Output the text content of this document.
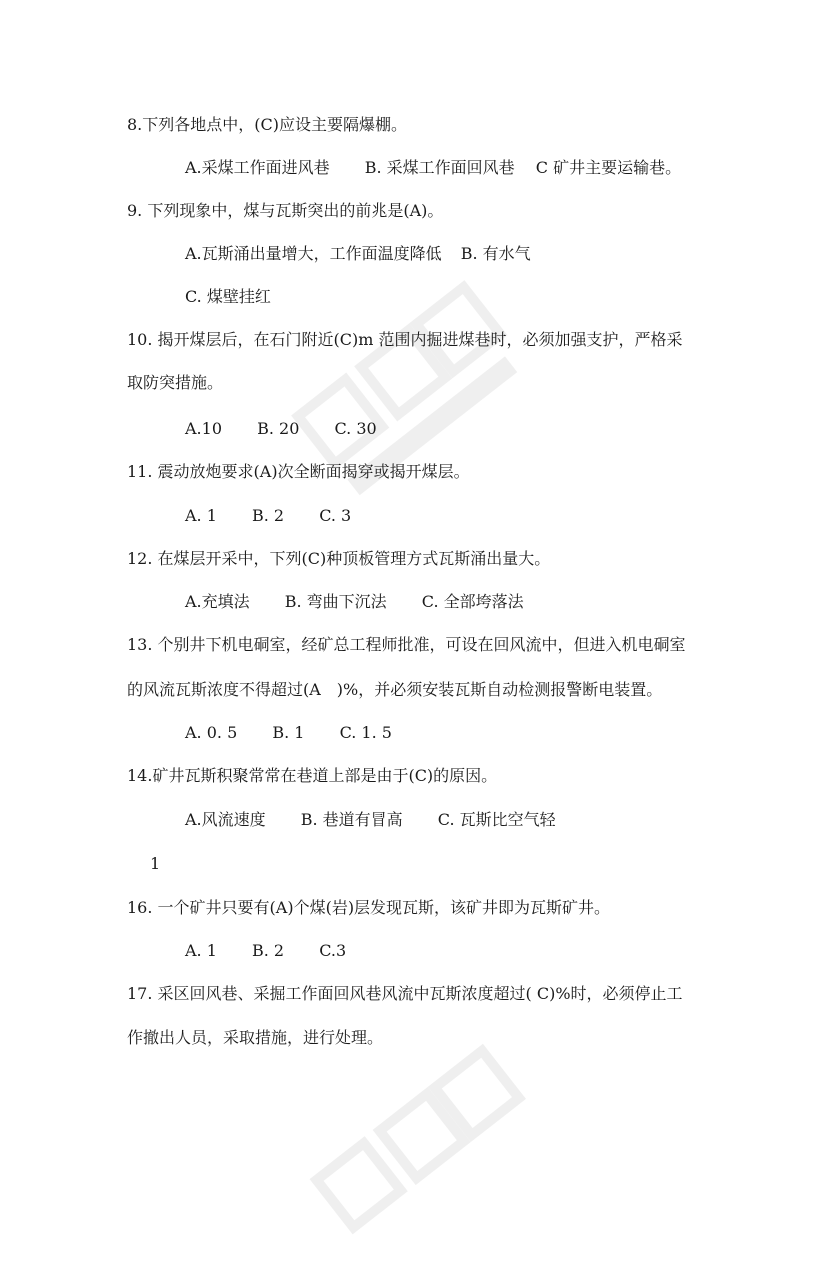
8.下列各地点中，(C)应设主要隔爆棚。
A.采煤工作面进风巷 B. 采煤工作面回风巷 C 矿井主要运输巷。
9. 下列现象中，煤与瓦斯突出的前兆是(A)。
A.瓦斯涌出量增大，工作面温度降低 B. 有水气
C. 煤壁挂红
10. 揭开煤层后，在石门附近(C)m 范围内掘进煤巷时，必须加强支护，严格采
取防突措施。
A.10 B. 20 C. 30
11. 震动放炮要求(A)次全断面揭穿或揭开煤层。
A. 1 B. 2 C. 3
12. 在煤层开采中，下列(C)种顶板管理方式瓦斯涌出量大。
A.充填法 B. 弯曲下沉法 C. 全部垮落法
13. 个别井下机电硐室，经矿总工程师批准，可设在回风流中，但进入机电硐室
的风流瓦斯浓度不得超过(A　)%，并必须安装瓦斯自动检测报警断电装置。
A. 0. 5 B. 1 C. 1. 5
14.矿井瓦斯积聚常常在巷道上部是由于(C)的原因。
A.风流速度 B. 巷道有冒高 C. 瓦斯比空气轻
1
16. 一个矿井只要有(A)个煤(岩)层发现瓦斯，该矿井即为瓦斯矿井。
A. 1 B. 2 C.3
17. 采区回风巷、采掘工作面回风巷风流中瓦斯浓度超过( C)%时，必须停止工
作撤出人员，采取措施，进行处理。
